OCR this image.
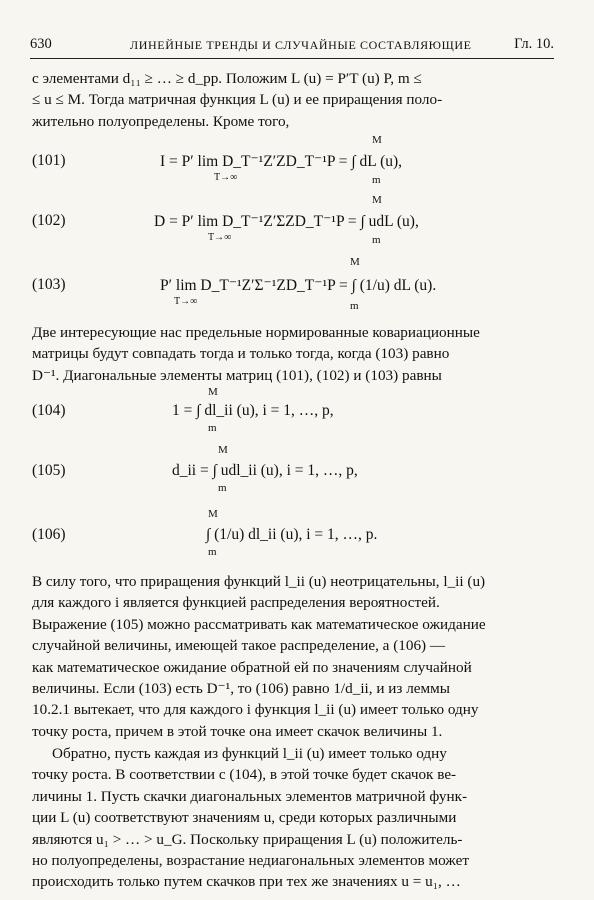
630	ЛИНЕЙНЫЕ ТРЕНДЫ И СЛУЧАЙНЫЕ СОСТАВЛЯЮЩИЕ	Гл. 10.
с элементами d₁₁ ≥ … ≥ d_pp. Положим L (u) = P′T (u) P, m ≤
≤ u ≤ M. Тогда матричная функция L (u) и ее приращения поло-
жительно полуопределены. Кроме того,
(101)	I = P′ lim D_T⁻¹Z′ZD_T⁻¹P = ∫ dL (u),
T→∞
M
m
(102)	D = P′ lim D_T⁻¹Z′ΣZD_T⁻¹P = ∫ udL (u),
T→∞
M
m
(103)	P′ lim D_T⁻¹Z′Σ⁻¹ZD_T⁻¹P = ∫ (1/u) dL (u).
T→∞
M
m
Две интересующие нас предельные нормированные ковариационные
матрицы будут совпадать тогда и только тогда, когда (103) равно
D⁻¹. Диагональные элементы матриц (101), (102) и (103) равны
(104)	1 = ∫ dl_ii (u), i = 1, …, p,
M
m
(105)	d_ii = ∫ udl_ii (u), i = 1, …, p,
M
m
(106)	∫ (1/u) dl_ii (u), i = 1, …, p.
M
m
В силу того, что приращения функций l_ii (u) неотрицательны, l_ii (u)
для каждого i является функцией распределения вероятностей.
Выражение (105) можно рассматривать как математическое ожидание
случайной величины, имеющей такое распределение, а (106) —
как математическое ожидание обратной ей по значениям случайной
величины. Если (103) есть D⁻¹, то (106) равно 1/d_ii, и из леммы
10.2.1 вытекает, что для каждого i функция l_ii (u) имеет только одну
точку роста, причем в этой точке она имеет скачок величины 1.
Обратно, пусть каждая из функций l_ii (u) имеет только одну
точку роста. В соответствии с (104), в этой точке будет скачок ве-
личины 1. Пусть скачки диагональных элементов матричной функ-
ции L (u) соответствуют значениям u, среди которых различными
являются u₁ > … > u_G. Поскольку приращения L (u) положитель-
но полуопределены, возрастание недиагональных элементов может
происходить только путем скачков при тех же значениях u = u₁, …
